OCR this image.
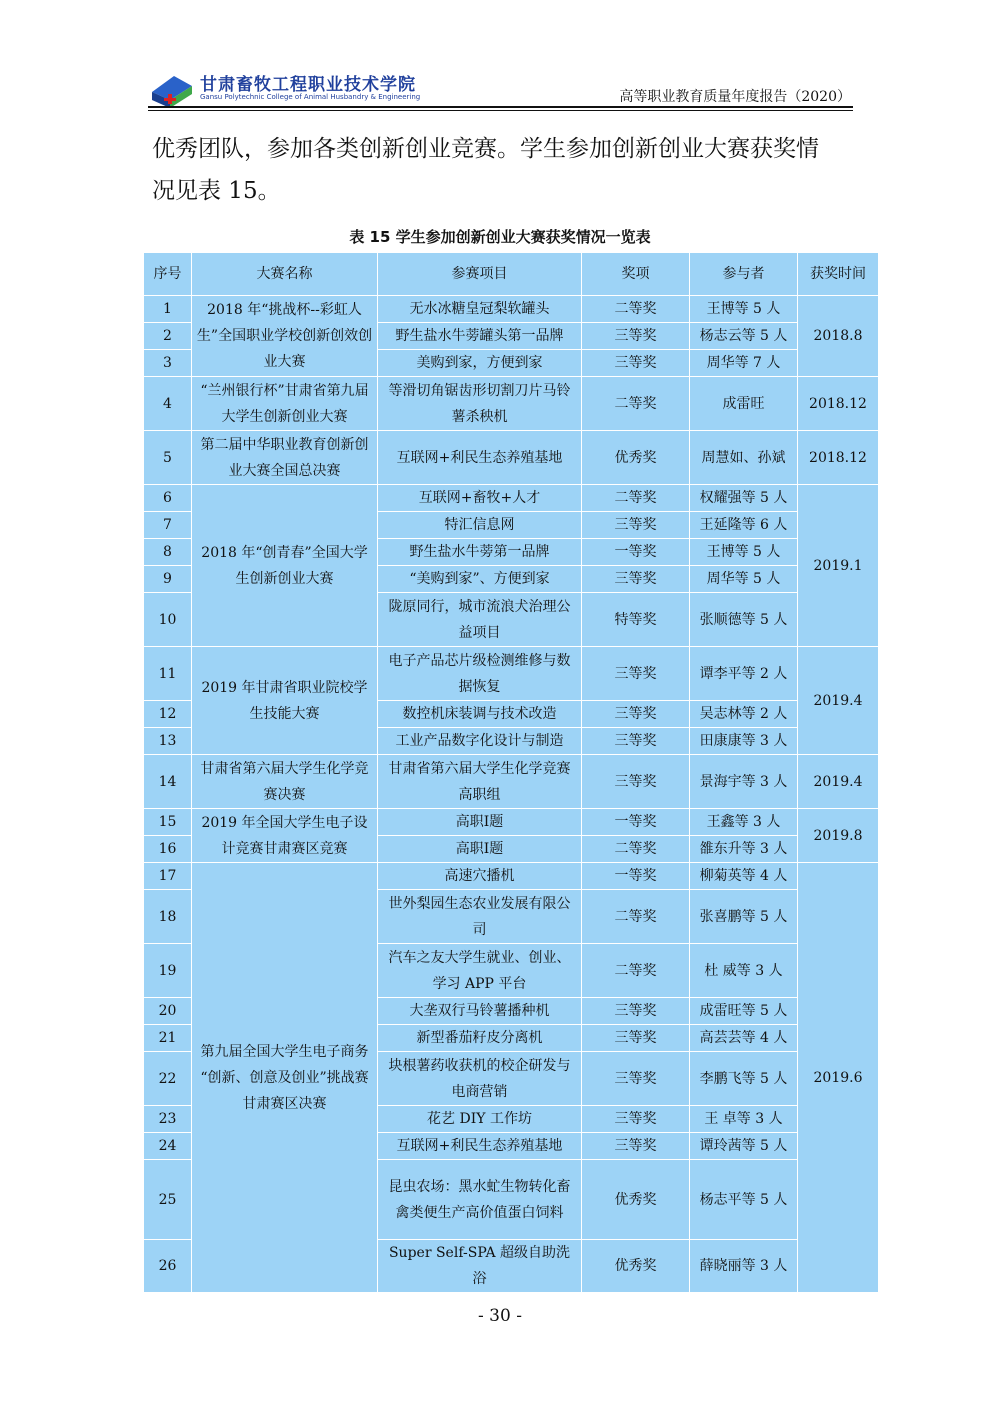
甘肃畜牧工程职业技术学院
Gansu Polytechnic College of Animal Husbandry & Engineering	高等职业教育质量年度报告（2020）

优秀团队，参加各类创新创业竞赛。学生参加创新创业大赛获奖情

况见表 15。

表 15 学生参加创新创业大赛获奖情况一览表
序号	大赛名称	参赛项目	奖项	参与者	获奖时间
1	2018 年“挑战杯--彩虹人生”全国职业学校创新创效创业大赛	无水冰糖皇冠梨软罐头	二等奖	王博等 5 人	2018.8
2		野生盐水牛蒡罐头第一品牌	三等奖	杨志云等 5 人	
3		美购到家，方便到家	三等奖	周华等 7 人	
4	“兰州银行杯”甘肃省第九届大学生创新创业大赛	等滑切角锯齿形切割刀片马铃薯杀秧机	二等奖	成雷旺	2018.12
5	第二届中华职业教育创新创业大赛全国总决赛	互联网+利民生态养殖基地	优秀奖	周慧如、孙斌	2018.12
6	2018 年“创青春”全国大学生创新创业大赛	互联网+畜牧+人才	二等奖	权耀强等 5 人	2019.1
7		特汇信息网	三等奖	王延隆等 6 人	
8		野生盐水牛蒡第一品牌	一等奖	王博等 5 人	
9		“美购到家”、方便到家	三等奖	周华等 5 人	
10		陇原同行，城市流浪犬治理公益项目	特等奖	张顺德等 5 人	
11	2019 年甘肃省职业院校学生技能大赛	电子产品芯片级检测维修与数据恢复	三等奖	谭李平等 2 人	2019.4
12		数控机床装调与技术改造	三等奖	吴志林等 2 人	
13		工业产品数字化设计与制造	三等奖	田康康等 3 人	
14	甘肃省第六届大学生化学竞赛决赛	甘肃省第六届大学生化学竞赛高职组	三等奖	景海宇等 3 人	2019.4
15	2019 年全国大学生电子设计竞赛甘肃赛区竞赛	高职Ⅰ题	一等奖	王鑫等 3 人	2019.8
16		高职Ⅰ题	二等奖	雒东升等 3 人	
17	第九届全国大学生电子商务 “创新、创意及创业”挑战赛甘肃赛区决赛	高速穴播机	一等奖	柳菊英等 4 人	2019.6
18		世外梨园生态农业发展有限公司	二等奖	张喜鹏等 5 人	
19		汽车之友大学生就业、创业、学习 APP 平台	二等奖	杜 威等 3 人	
20		大垄双行马铃薯播种机	三等奖	成雷旺等 5 人	
21		新型番茄籽皮分离机	三等奖	高芸芸等 4 人	
22		块根薯药收获机的校企研发与电商营销	三等奖	李鹏飞等 5 人	
23		花艺 DIY 工作坊	三等奖	王 卓等 3 人	
24		互联网+利民生态养殖基地	三等奖	谭玲茜等 5 人	
25		昆虫农场：黑水虻生物转化畜禽类便生产高价值蛋白饲料	优秀奖	杨志平等 5 人	
26		Super Self-SPA 超级自助洗浴	优秀奖	薛晓丽等 3 人	
- 30 -
